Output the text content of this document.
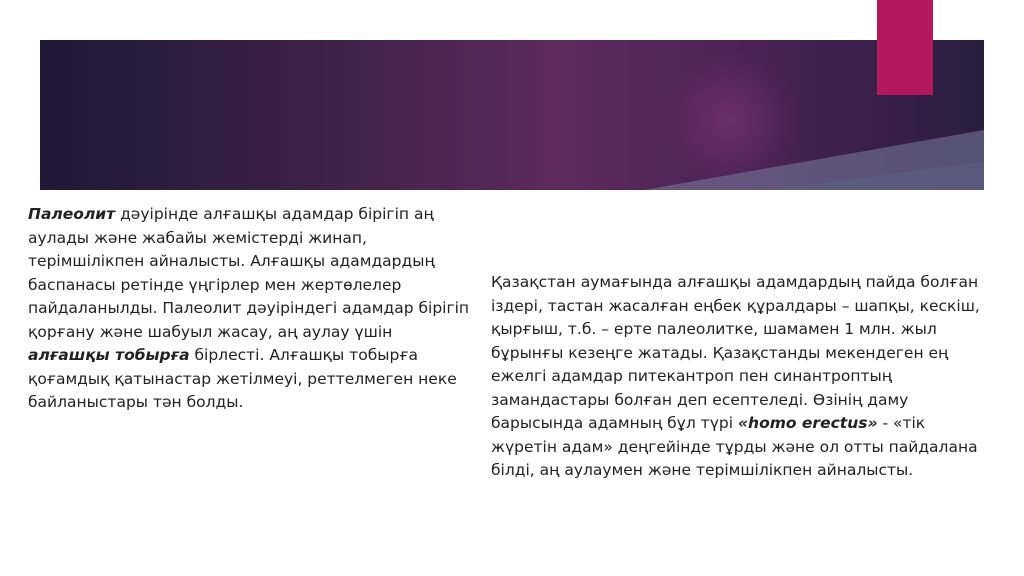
Палеолит дәуірінде алғашқы адамдар бірігіп аң аулады және жабайы жемістерді жинап, терімшілікпен айналысты. Алғашқы адамдардың баспанасы ретінде үңгірлер мен жертөлелер пайдаланылды. Палеолит дәуіріндегі адамдар бірігіп қорғану және шабуыл жасау, аң аулау үшін алғашқы тобырға бірлесті. Алғашқы тобырға қоғамдық қатынастар жетілмеуі, реттелмеген неке байланыстары тән болды.
Қазақстан аумағында алғашқы адамдардың пайда болған іздері, тастан жасалған еңбек құралдары – шапқы, кескіш, қырғыш, т.б. – ерте палеолитке, шамамен 1 млн. жыл бұрынғы кезеңге жатады. Қазақстанды мекендеген ең ежелгі адамдар питекантроп пен синантроптың замандастары болған деп есептеледі. Өзінің даму барысында адамның бұл түрі «homo erectus» - «тік жүретін адам» деңгейінде тұрды және ол отты пайдалана білді, аң аулаумен және терімшілікпен айналысты.
